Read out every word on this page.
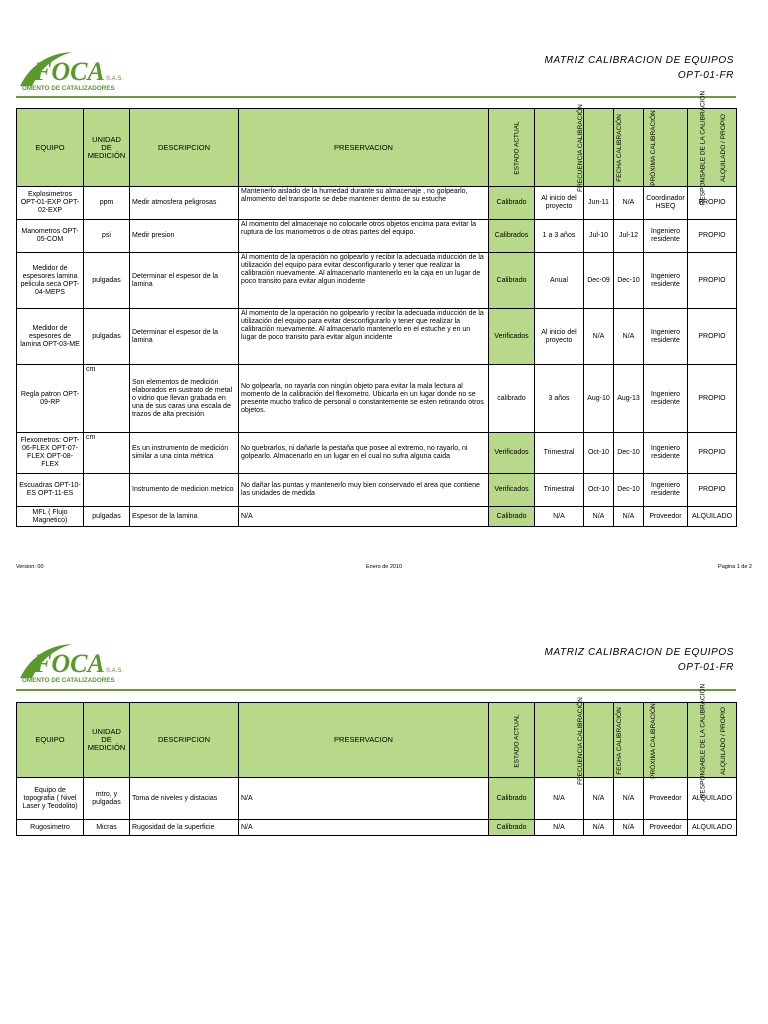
FOCA S.A.S.
OMENTO DE CATALIZADORES
MATRIZ CALIBRACION DE EQUIPOS
OPT-01-FR
EQUIPO	UNIDAD DE MEDICIÓN	DESCRIPCION	PRESERVACION	ESTADO ACTUAL	FRECUENCIA CALIBRACIÓN	FECHA CALIBRACIÓN	PRÓXIMA CALIBRACIÓN	RESPONSABLE DE LA CALIBRACIÓN	ALQUILADO / PROPIO
Explosimetros OPT-01-EXP OPT-02-EXP	ppm	Medir atmosfera peligrosas	Mantenerlo aislado de la humedad durante su almacenaje , no golpearlo, almomento del transporte se debe mantener dentro de su estuche	Calibrado	Al inicio del proyecto	Jun-11	N/A	Coordinador HSEQ	PROPIO
Manometros OPT-05-COM	psi	Medir presion	Al momento del almacenaje no colocarle otros objetos encima para evitar la ruptura de los manometros o de otras partes del equipo.	Calibrados	1 a 3 años	Jul-10	Jul-12	Ingeniero residente	PROPIO
Medidor de espesores lamina pelicula seca OPT-04-MEPS	pulgadas	Determinar el espesor de la lamina	Al momento de la operación no golpearlo y recibir la adecuada inducción de la utilización del equipo para evitar desconfigurarlo y tener que realizar la calibración nuevamente. Al almacenarlo mantenerlo en la caja en un lugar de poco transito para evitar algun incidente	Calibrado	Anual	Dec-09	Dec-10	Ingeniero residente	PROPIO
Medidor de espesores de lamina OPT-03-ME	pulgadas	Determinar el espesor de la lamina	Al momento de la operación no golpearlo y recibir la adecuada inducción de la utilización del equipo para evitar desconfigurarlo y tener que realizar la calibración nuevamente. Al almacenarlo mantenerlo en el estuche y en un lugar de poco transito para evitar algun incidente	Verificados	Al inicio del proyecto	N/A	N/A	Ingeniero residente	PROPIO
Regla patron OPT-09-RP	cm	Son elementos de medición elaborados en sustrato de metal o vidrio que llevan grabada en una de sus caras una escala de trazos de alta precisión	No golpearla, no rayarla con ningún objeto para evitar la mala lectura al momento de la calibración del flexometro. Ubicarla en un lugar donde no se presente mucho trafico de personal o constantemente se esten retirando otros objetos.	calibrado	3 años	Aug-10	Aug-13	Ingeniero residente	PROPIO
Flexometros: OPT-06-FLEX OPT-07-FLEX OPT-08-FLEX	cm	Es un instrumento de medición similar a una cinta métrica	No quebrarlos, ni dañarle la pestaña que posee al extremo, no rayarlo, ni golpearlo. Almacenarlo en un lugar en el cual no sufra alguna caida	Verificados	Trimestral	Oct-10	Dec-10	Ingeniero residente	PROPIO
Escuadras OPT-10-ES OPT-11-ES		Instrumento de medicion metrico	No dañar las puntas y mantenerlo muy bien conservado el area que contiene las unidades de medida	Verificados	Trimestral	Oct-10	Dec-10	Ingeniero residente	PROPIO
MFL ( Flujo Magnetico)	pulgadas	Espesor de la lamina	N/A	Calibrado	N/A	N/A	N/A	Proveedor	ALQUILADO
Version: 00	Enero de 2010	Pagina 1 de 2
FOCA S.A.S.
OMENTO DE CATALIZADORES
MATRIZ CALIBRACION DE EQUIPOS
OPT-01-FR
EQUIPO	UNIDAD DE MEDICIÓN	DESCRIPCION	PRESERVACION	ESTADO ACTUAL	FRECUENCIA CALIBRACIÓN	FECHA CALIBRACIÓN	PRÓXIMA CALIBRACIÓN	RESPONSABLE DE LA CALIBRACIÓN	ALQUILADO / PROPIO
Equipo de topografia ( Nivel Laser y Teodolito)	mtro, y pulgadas	Toma de niveles y distacias	N/A	Calibrado	N/A	N/A	N/A	Proveedor	ALQUILADO
Rugosimetro	Micras	Rugosidad de la superficie	N/A	Calibrado	N/A	N/A	N/A	Proveedor	ALQUILADO
